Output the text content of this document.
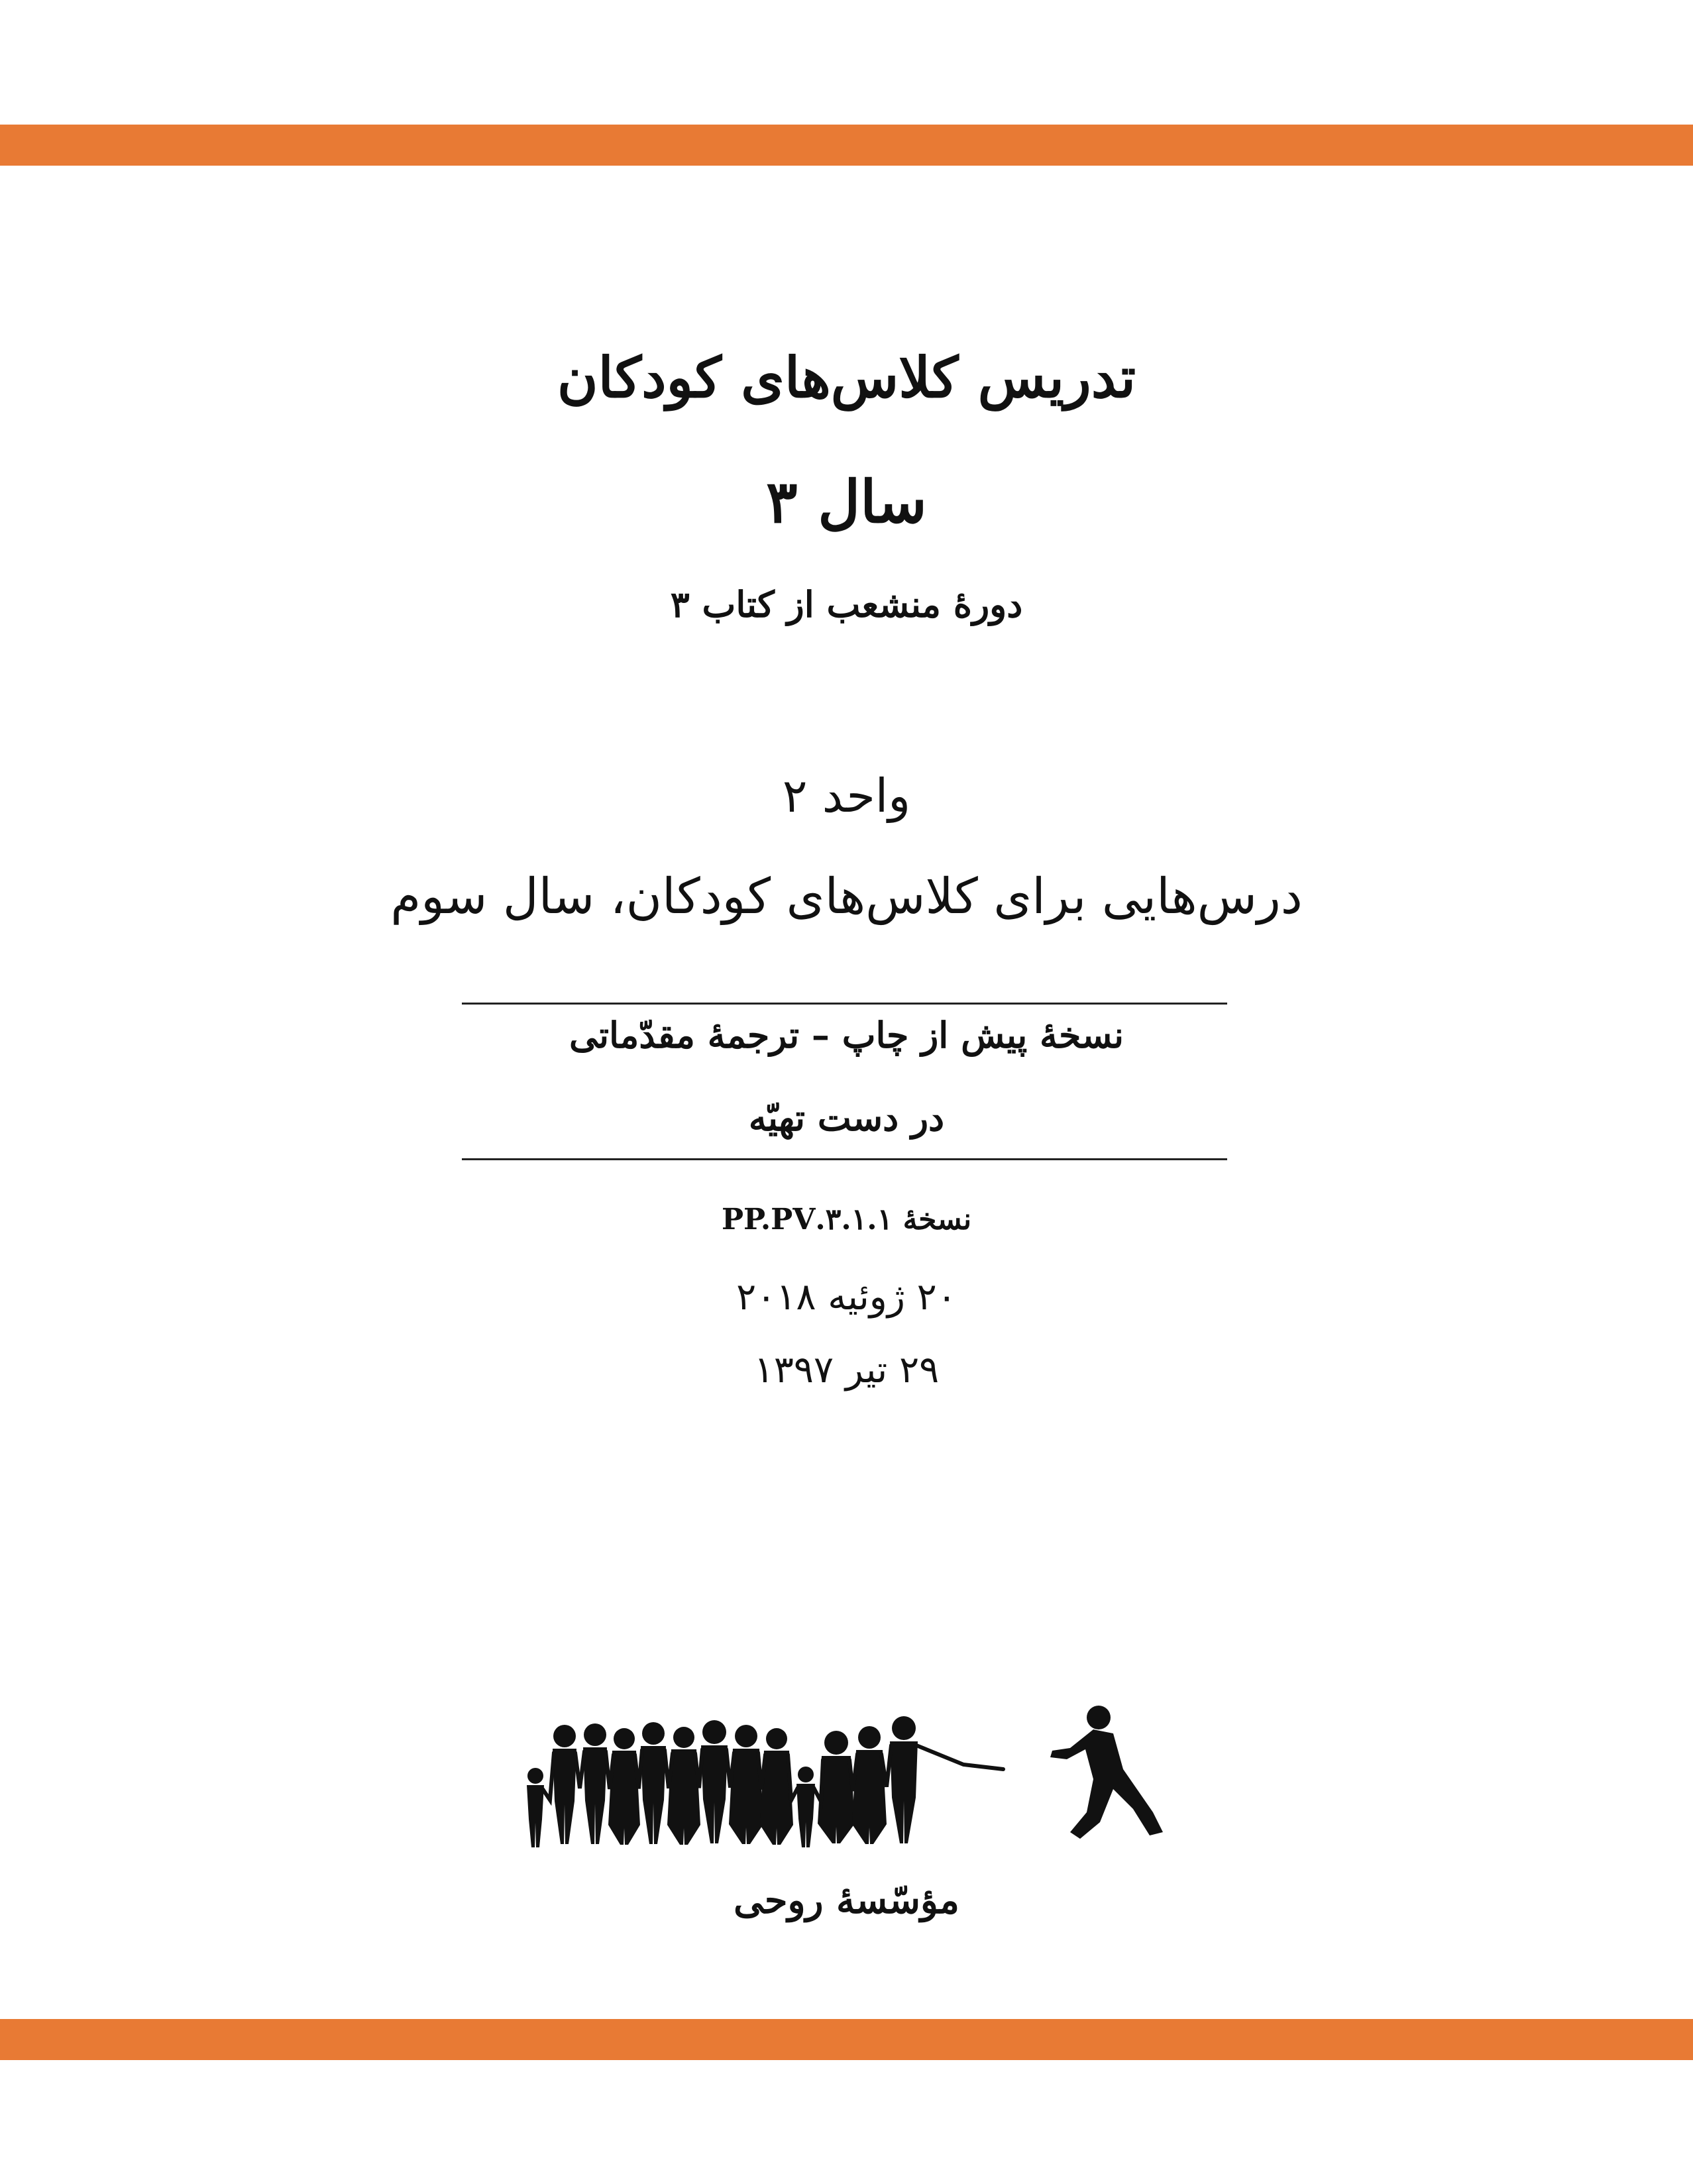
تدریس کلاس‌های کودکان
سال ۳
دورۀ منشعب از کتاب ۳
واحد ۲
درس‌هایی برای کلاس‌های کودکان، سال سوم
نسخۀ پیش از چاپ – ترجمۀ مقدّماتی
در دست تهیّه
نسخۀ ۳.۱.۱.PP.PV
۲۰ ژوئیه ۲۰۱۸
۲۹ تیر ۱۳۹۷
مؤسّسۀ روحی
